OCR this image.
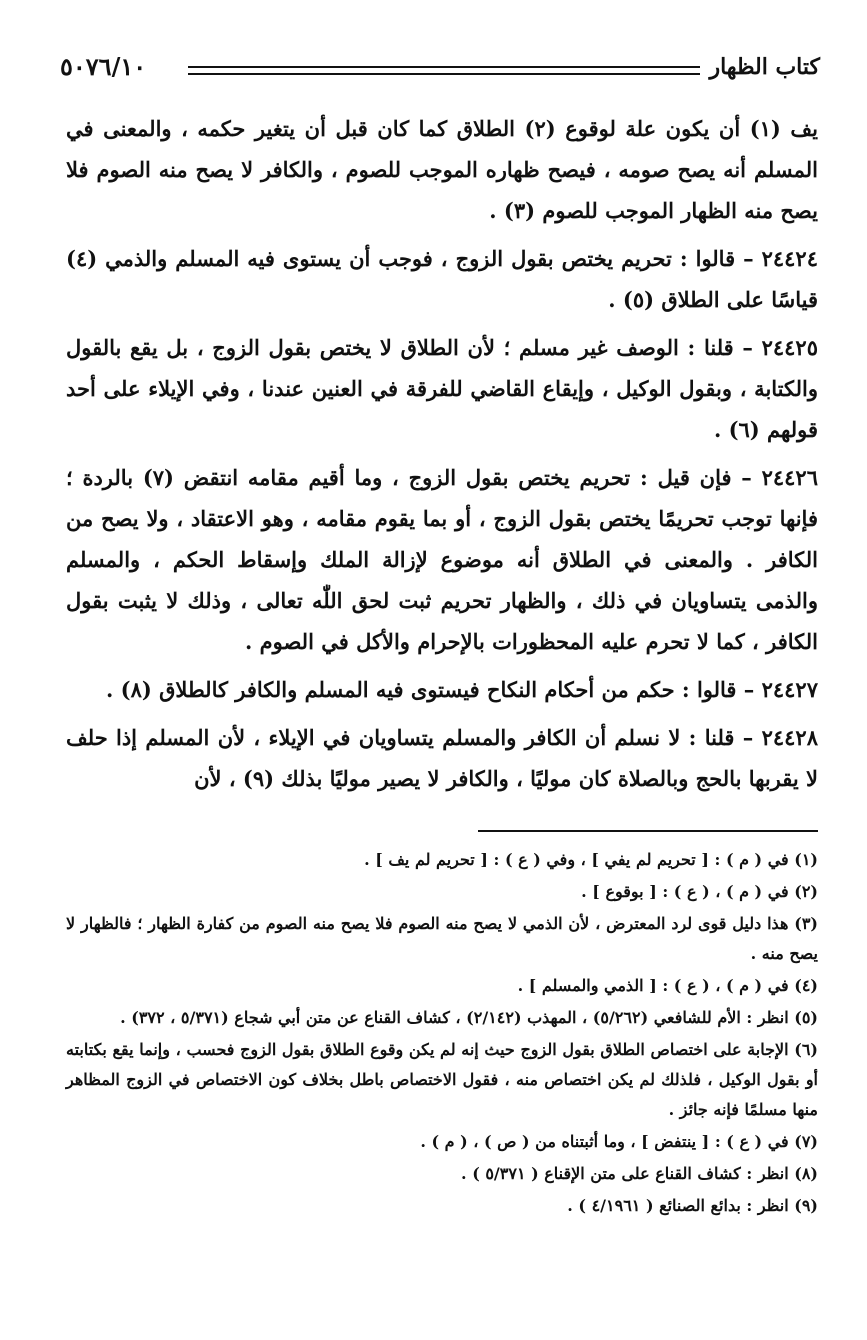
كتاب الظهار
٥٠٧٦/١٠

يف (١) أن يكون علة لوقوع (٢) الطلاق كما كان قبل أن يتغير حكمه ، والمعنى في المسلم أنه يصح صومه ، فيصح ظهاره الموجب للصوم ، والكافر لا يصح منه الصوم فلا يصح منه الظهار الموجب للصوم (٣) .

٢٤٤٢٤ – قالوا : تحريم يختص بقول الزوج ، فوجب أن يستوى فيه المسلم والذمي (٤) قياسًا على الطلاق (٥) .

٢٤٤٢٥ – قلنا : الوصف غير مسلم ؛ لأن الطلاق لا يختص بقول الزوج ، بل يقع بالقول والكتابة ، وبقول الوكيل ، وإيقاع القاضي للفرقة في العنين عندنا ، وفي الإيلاء على أحد قولهم (٦) .

٢٤٤٢٦ – فإن قيل : تحريم يختص بقول الزوج ، وما أقيم مقامه انتقض (٧) بالردة ؛ فإنها توجب تحريمًا يختص بقول الزوج ، أو بما يقوم مقامه ، وهو الاعتقاد ، ولا يصح من الكافر . والمعنى في الطلاق أنه موضوع لإزالة الملك وإسقاط الحكم ، والمسلم والذمى يتساويان في ذلك ، والظهار تحريم ثبت لحق اللّٰه تعالى ، وذلك لا يثبت بقول الكافر ، كما لا تحرم عليه المحظورات بالإحرام والأكل في الصوم .

٢٤٤٢٧ – قالوا : حكم من أحكام النكاح فيستوى فيه المسلم والكافر كالطلاق (٨) .

٢٤٤٢٨ – قلنا : لا نسلم أن الكافر والمسلم يتساويان في الإيلاء ، لأن المسلم إذا حلف لا يقربها بالحج وبالصلاة كان موليًا ، والكافر لا يصير موليًا بذلك (٩) ، لأن

(١) في ( م ) : [ تحريم لم يفي ] ، وفي ( ع ) : [ تحريم لم يف ] .

(٢) في ( م ) ، ( ع ) : [ بوقوع ] .

(٣) هذا دليل قوى لرد المعترض ، لأن الذمي لا يصح منه الصوم فلا يصح منه الصوم من كفارة الظهار ؛ فالظهار لا يصح منه .

(٤) في ( م ) ، ( ع ) : [ الذمي والمسلم ] .

(٥) انظر : الأم للشافعي (٥/٢٦٢) ، المهذب (٢/١٤٢) ، كشاف القناع عن متن أبي شجاع (٥/٣٧١ ، ٣٧٢) .

(٦) الإجابة على اختصاص الطلاق بقول الزوج حيث إنه لم يكن وقوع الطلاق بقول الزوج فحسب ، وإنما يقع بكتابته أو بقول الوكيل ، فلذلك لم يكن اختصاص منه ، فقول الاختصاص باطل بخلاف كون الاختصاص في الزوج المظاهر منها مسلمًا فإنه جائز .

(٧) في ( ع ) : [ ينتفض ] ، وما أثبتناه من ( ص ) ، ( م ) .

(٨) انظر : كشاف القناع على متن الإقناع ( ٥/٣٧١ ) .

(٩) انظر : بدائع الصنائع ( ٤/١٩٦١ ) .
